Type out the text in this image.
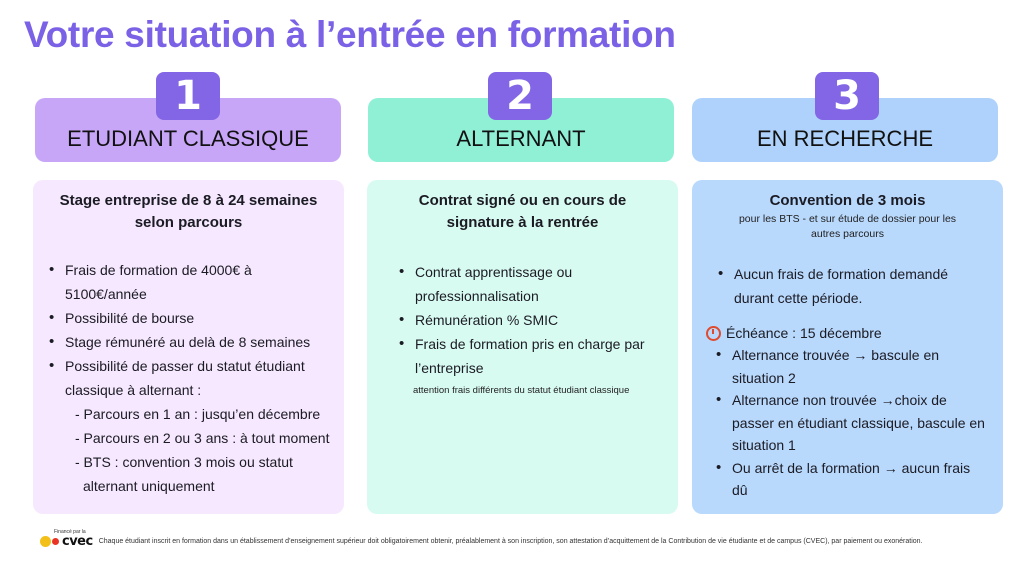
Votre situation à l’entrée en formation
ETUDIANT CLASSIQUE
1
Stage entreprise de 8 à 24 semaines selon parcours
• Frais de formation de 4000€ à 5100€/année
• Possibilité de bourse
• Stage rémunéré au delà de 8 semaines
• Possibilité de passer du statut étudiant classique à alternant :
- Parcours en 1 an : jusqu’en décembre
- Parcours en 2 ou 3 ans : à tout moment
- BTS : convention 3 mois ou statut
alternant uniquement
ALTERNANT
2
Contrat signé ou en cours de signature à la rentrée
• Contrat apprentissage ou professionnalisation
• Rémunération % SMIC
• Frais de formation pris en charge par l’entreprise
attention frais différents du statut étudiant classique
EN RECHERCHE
3
Convention de 3 mois
pour les BTS - et sur étude de dossier pour les autres parcours
• Aucun frais de formation demandé durant cette période.
Échéance : 15 décembre
• Alternance trouvée → bascule en situation 2
• Alternance non trouvée →choix de passer en étudiant classique, bascule en situation 1
• Ou arrêt de la formation → aucun frais dû
Financé par la
cvec Chaque étudiant inscrit en formation dans un établissement d’enseignement supérieur doit obligatoirement obtenir, préalablement à son inscription, son attestation d’acquittement de la Contribution de vie étudiante et de campus (CVEC), par paiement ou exonération.
